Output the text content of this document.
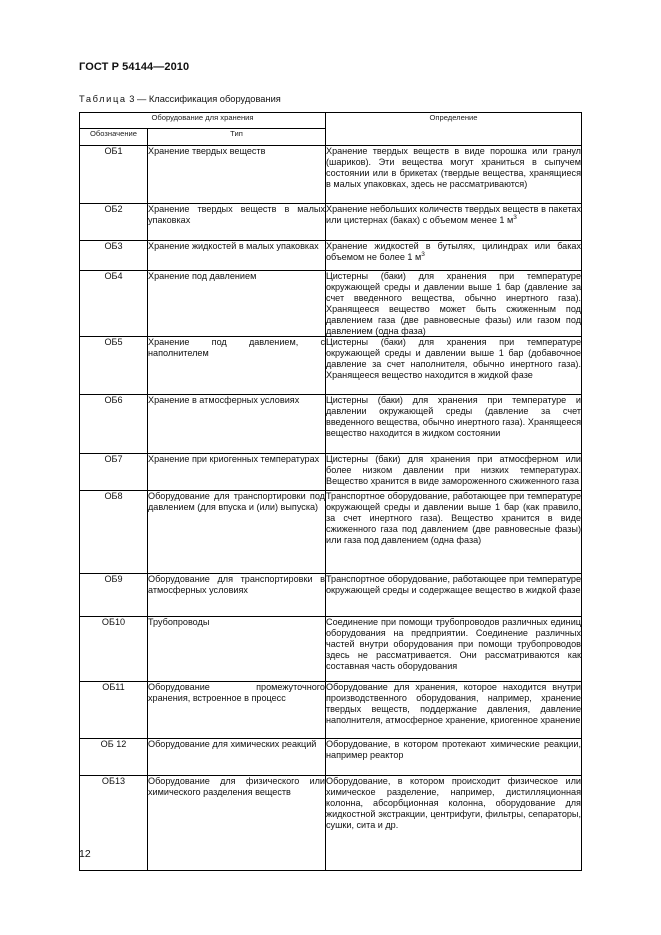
ГОСТ Р 54144—2010
Таблица 3 — Классификация оборудования
Оборудование для хранения		Определение
Обозначение	Тип	
ОБ1	Хранение твердых веществ	Хранение твердых веществ в виде порошка или гранул (шариков). Эти вещества могут храниться в сыпучем состоянии или в брикетах (твердые вещества, хранящиеся в малых упаковках, здесь не рассматриваются)
ОБ2	Хранение твердых веществ в малых упаковках	Хранение небольших количеств твердых веществ в пакетах или цистернах (баках) с объемом менее 1 $м^3$
ОБ3	Хранение жидкостей в малых упаковках	Хранение жидкостей в бутылях, цилиндрах или баках объемом не более 1 $м^3$
ОБ4	Хранение под давлением	Цистерны (баки) для хранения при температуре окружающей среды и давлении выше 1 бар (давление за счет введенного вещества, обычно инертного газа). Хранящееся вещество может быть сжиженным под давлением газа (две равновесные фазы) или газом под давлением (одна фаза)
ОБ5	Хранение под давлением, с наполнителем	Цистерны (баки) для хранения при температуре окружающей среды и давлении выше 1 бар (добавочное давление за счет наполнителя, обычно инертного газа). Хранящееся вещество находится в жидкой фазе
ОБ6	Хранение в атмосферных условиях	Цистерны (баки) для хранения при температуре и давлении окружающей среды (давление за счет введенного вещества, обычно инертного газа). Хранящееся вещество находится в жидком состоянии
ОБ7	Хранение при криогенных температурах	Цистерны (баки) для хранения при атмосферном или более низком давлении при низких температурах. Вещество хранится в виде замороженного сжиженного газа
ОБ8	Оборудование для транспортировки под давлением (для впуска и (или) выпуска)	Транспортное оборудование, работающее при температуре окружающей среды и давлении выше 1 бар (как правило, за счет инертного газа). Вещество хранится в виде сжиженного газа под давлением (две равновесные фазы) или газа под давлением (одна фаза)
ОБ9	Оборудование для транспортировки в атмосферных условиях	Транспортное оборудование, работающее при температуре окружающей среды и содержащее вещество в жидкой фазе
ОБ10	Трубопроводы	Соединение при помощи трубопроводов различных единиц оборудования на предприятии. Соединение различных частей внутри оборудования при помощи трубопроводов здесь не рассматривается. Они рассматриваются как составная часть оборудования
ОБ11	Оборудование промежуточного хранения, встроенное в процесс	Оборудование для хранения, которое находится внутри производственного оборудования, например, хранение твердых веществ, поддержание давления, давление наполнителя, атмосферное хранение, криогенное хранение
ОБ 12	Оборудование для химических реакций	Оборудование, в котором протекают химические реакции, например реактор
ОБ13	Оборудование для физического или химического разделения веществ	Оборудование, в котором происходит физическое или химическое разделение, например, дистилляционная колонна, абсорбционная колонна, оборудование для жидкостной экстракции, центрифуги, фильтры, сепараторы, сушки, сита и др.
12
